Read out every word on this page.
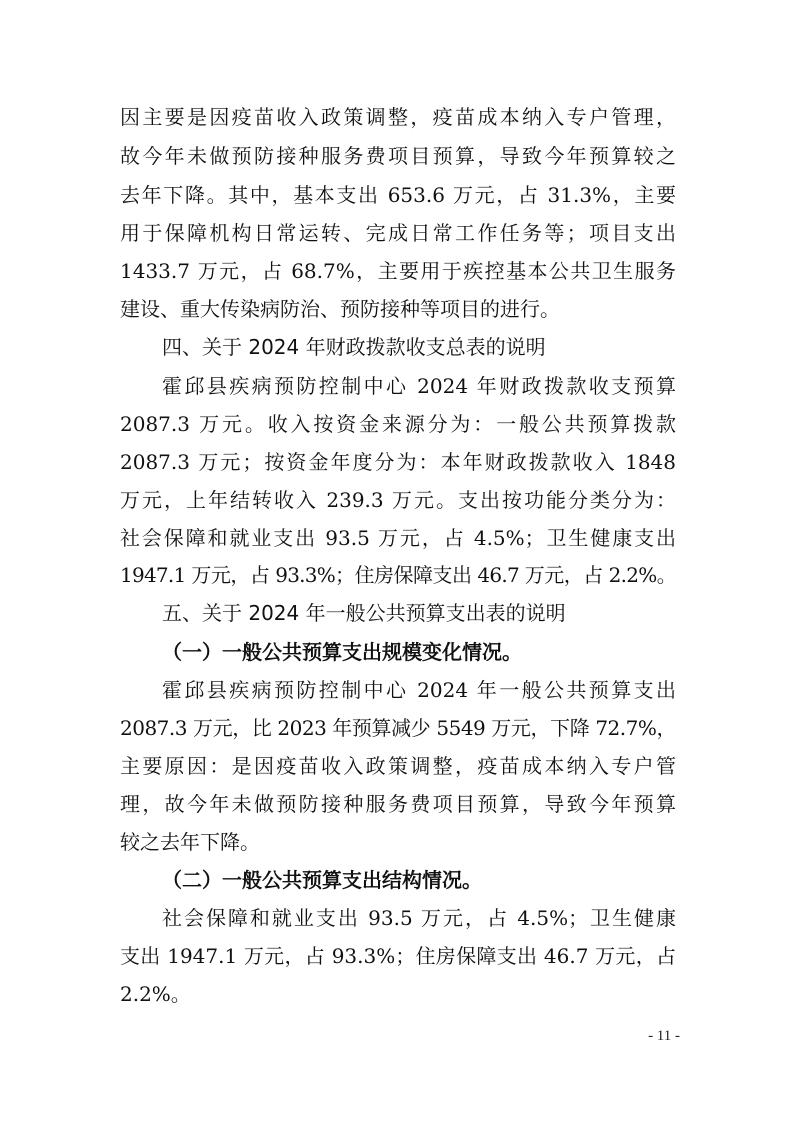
因主要是因疫苗收入政策调整，疫苗成本纳入专户管理，
故今年未做预防接种服务费项目预算，导致今年预算较之
去年下降。其中，基本支出 653.6 万元，占 31.3%，主要
用于保障机构日常运转、完成日常工作任务等；项目支出
1433.7 万元，占 68.7%，主要用于疾控基本公共卫生服务
建设、重大传染病防治、预防接种等项目的进行。
四、关于 2024 年财政拨款收支总表的说明
霍邱县疾病预防控制中心 2024 年财政拨款收支预算
2087.3 万元。收入按资金来源分为：一般公共预算拨款
2087.3 万元；按资金年度分为：本年财政拨款收入 1848
万元，上年结转收入 239.3 万元。支出按功能分类分为：
社会保障和就业支出 93.5 万元，占 4.5%；卫生健康支出
1947.1 万元，占 93.3%；住房保障支出 46.7 万元，占 2.2%。
五、关于 2024 年一般公共预算支出表的说明
（一）一般公共预算支出规模变化情况。
霍邱县疾病预防控制中心 2024 年一般公共预算支出
2087.3 万元，比 2023 年预算减少 5549 万元，下降 72.7%，
主要原因：是因疫苗收入政策调整，疫苗成本纳入专户管
理，故今年未做预防接种服务费项目预算，导致今年预算
较之去年下降。
（二）一般公共预算支出结构情况。
社会保障和就业支出 93.5 万元，占 4.5%；卫生健康
支出 1947.1 万元，占 93.3%；住房保障支出 46.7 万元，占
2.2%。
- 11 -
